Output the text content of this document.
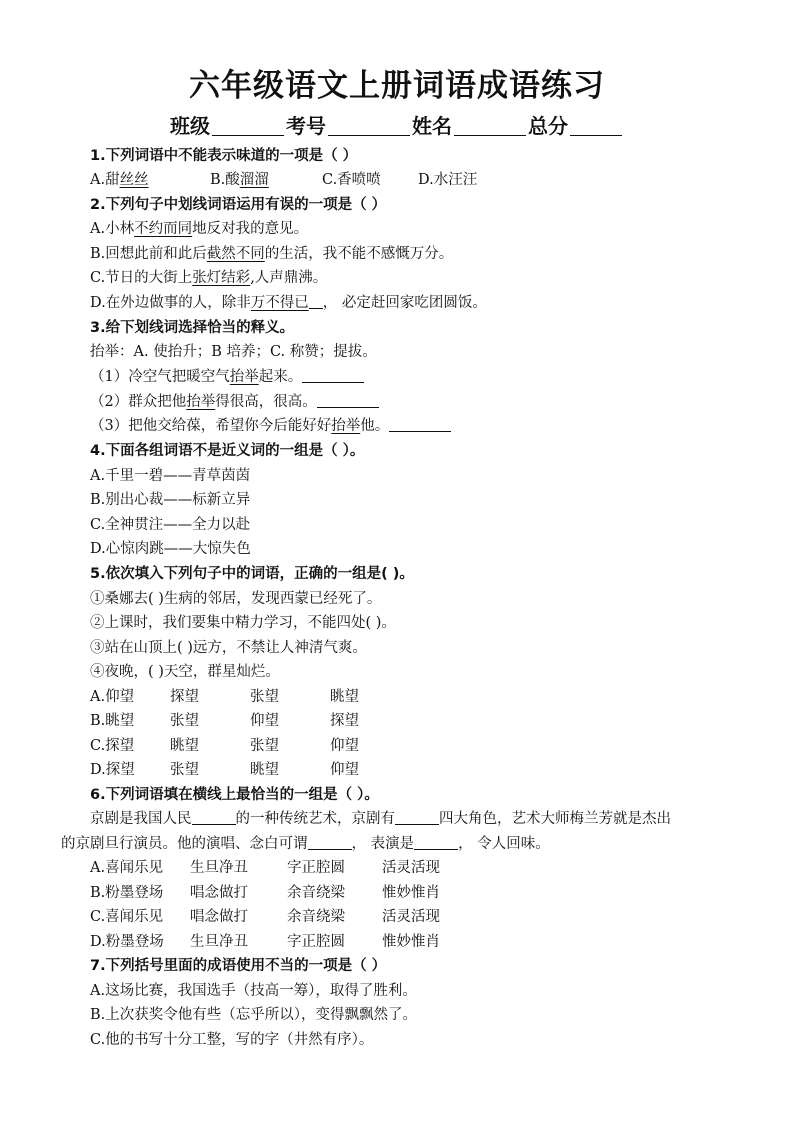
六年级语文上册词语成语练习
班级	考号	姓名	总分
1.下列词语中不能表示味道的一项是（ ）
A.甜丝丝	B.酸溜溜	C.香喷喷	D.水汪汪
2.下列句子中划线词语运用有误的一项是（ ）
A.小林不约而同地反对我的意见。
B.回想此前和此后截然不同的生活，我不能不感慨万分。
C.节日的大街上张灯结彩,人声鼎沸。
D.在外边做事的人，除非万不得已 ， 必定赶回家吃团圆饭。
3.给下划线词选择恰当的释义。
抬举：A. 使抬升；B 培养；C. 称赞；提拔。
（1）冷空气把暖空气抬举起来。
（2）群众把他抬举得很高，很高。
（3）把他交给葆，希望你今后能好好抬举他。
4.下面各组词语不是近义词的一组是（ ）。
A.千里一碧——青草茵茵
B.别出心裁——标新立异
C.全神贯注——全力以赴
D.心惊肉跳——大惊失色
5.依次填入下列句子中的词语，正确的一组是( )。
①桑娜去( )生病的邻居，发现西蒙已经死了。
②上课时，我们要集中精力学习，不能四处( )。
③站在山顶上( )远方，不禁让人神清气爽。
④夜晚，( )天空，群星灿烂。
A.仰望 探望	张望	眺望
B.眺望 张望	仰望	探望
C.探望 眺望	张望	仰望
D.探望 张望	眺望	仰望
6.下列词语填在横线上最恰当的一组是（ ）。
京剧是我国人民	的一种传统艺术，京剧有	四大角色，艺术大师梅兰芳就是杰出
的京剧旦行演员。他的演唱、念白可谓	， 表演是	， 令人回味。
A.喜闻乐见 生旦净丑	字正腔圆	活灵活现
B.粉墨登场 唱念做打	余音绕梁	惟妙惟肖
C.喜闻乐见 唱念做打	余音绕梁	活灵活现
D.粉墨登场 生旦净丑	字正腔圆	惟妙惟肖
7.下列括号里面的成语使用不当的一项是（ ）
A.这场比赛，我国选手（技高一筹），取得了胜利。
B.上次获奖令他有些（忘乎所以），变得飘飘然了。
C.他的书写十分工整，写的字（井然有序）。
